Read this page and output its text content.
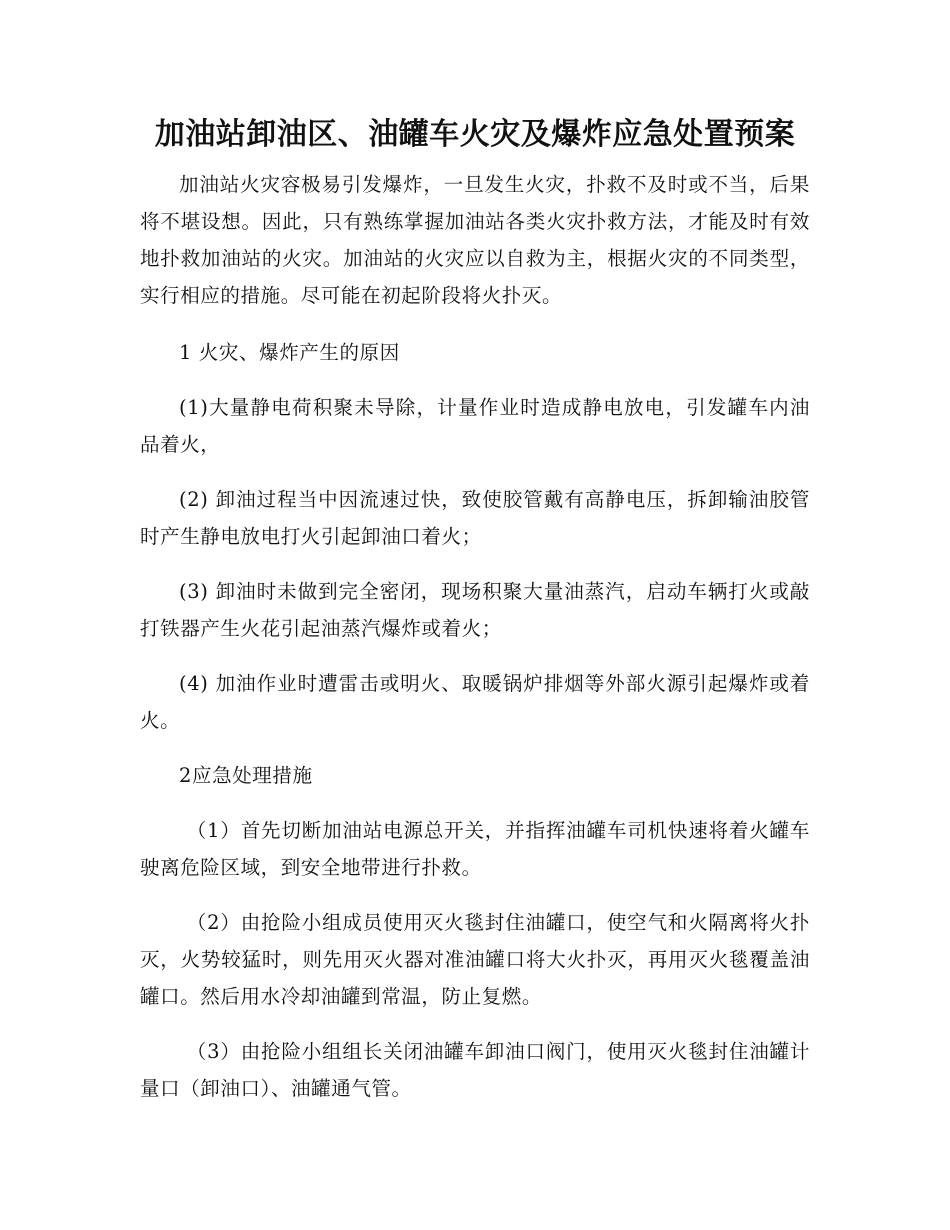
加油站卸油区、油罐车火灾及爆炸应急处置预案

加油站火灾容极易引发爆炸，一旦发生火灾，扑救不及时或不当，后果将不堪设想。因此，只有熟练掌握加油站各类火灾扑救方法，才能及时有效地扑救加油站的火灾。加油站的火灾应以自救为主，根据火灾的不同类型，实行相应的措施。尽可能在初起阶段将火扑灭。

1 火灾、爆炸产生的原因

(1)大量静电荷积聚未导除，计量作业时造成静电放电，引发罐车内油品着火，

(2) 卸油过程当中因流速过快，致使胶管戴有高静电压，拆卸输油胶管时产生静电放电打火引起卸油口着火；

(3) 卸油时未做到完全密闭，现场积聚大量油蒸汽，启动车辆打火或敲打铁器产生火花引起油蒸汽爆炸或着火；

(4) 加油作业时遭雷击或明火、取暖锅炉排烟等外部火源引起爆炸或着火。

2应急处理措施

（1）首先切断加油站电源总开关，并指挥油罐车司机快速将着火罐车驶离危险区域，到安全地带进行扑救。

（2）由抢险小组成员使用灭火毯封住油罐口，使空气和火隔离将火扑灭，火势较猛时，则先用灭火器对准油罐口将大火扑灭，再用灭火毯覆盖油罐口。然后用水冷却油罐到常温，防止复燃。

（3）由抢险小组组长关闭油罐车卸油口阀门，使用灭火毯封住油罐计量口（卸油口）、油罐通气管。
